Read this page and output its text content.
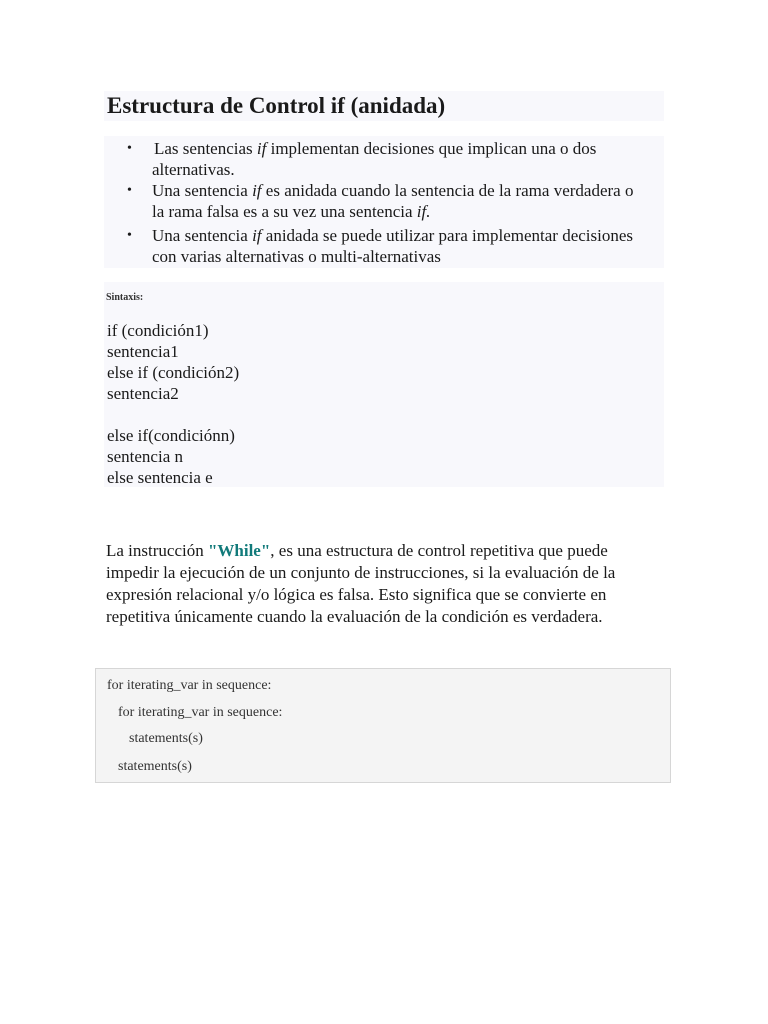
Estructura de Control if (anidada)
• Las sentencias if implementan decisiones que implican una o dos
alternativas.
• Una sentencia if es anidada cuando la sentencia de la rama verdadera o
la rama falsa es a su vez una sentencia if.
• Una sentencia if anidada se puede utilizar para implementar decisiones
con varias alternativas o multi-alternativas
Sintaxis:
if (condición1)
sentencia1
else if (condición2)
sentencia2
else if(condiciónn)
sentencia n
else sentencia e
La instrucción "While", es una estructura de control repetitiva que puede
impedir la ejecución de un conjunto de instrucciones, si la evaluación de la
expresión relacional y/o lógica es falsa. Esto significa que se convierte en
repetitiva únicamente cuando la evaluación de la condición es verdadera.
for iterating_var in sequence:
for iterating_var in sequence:
statements(s)
statements(s)
